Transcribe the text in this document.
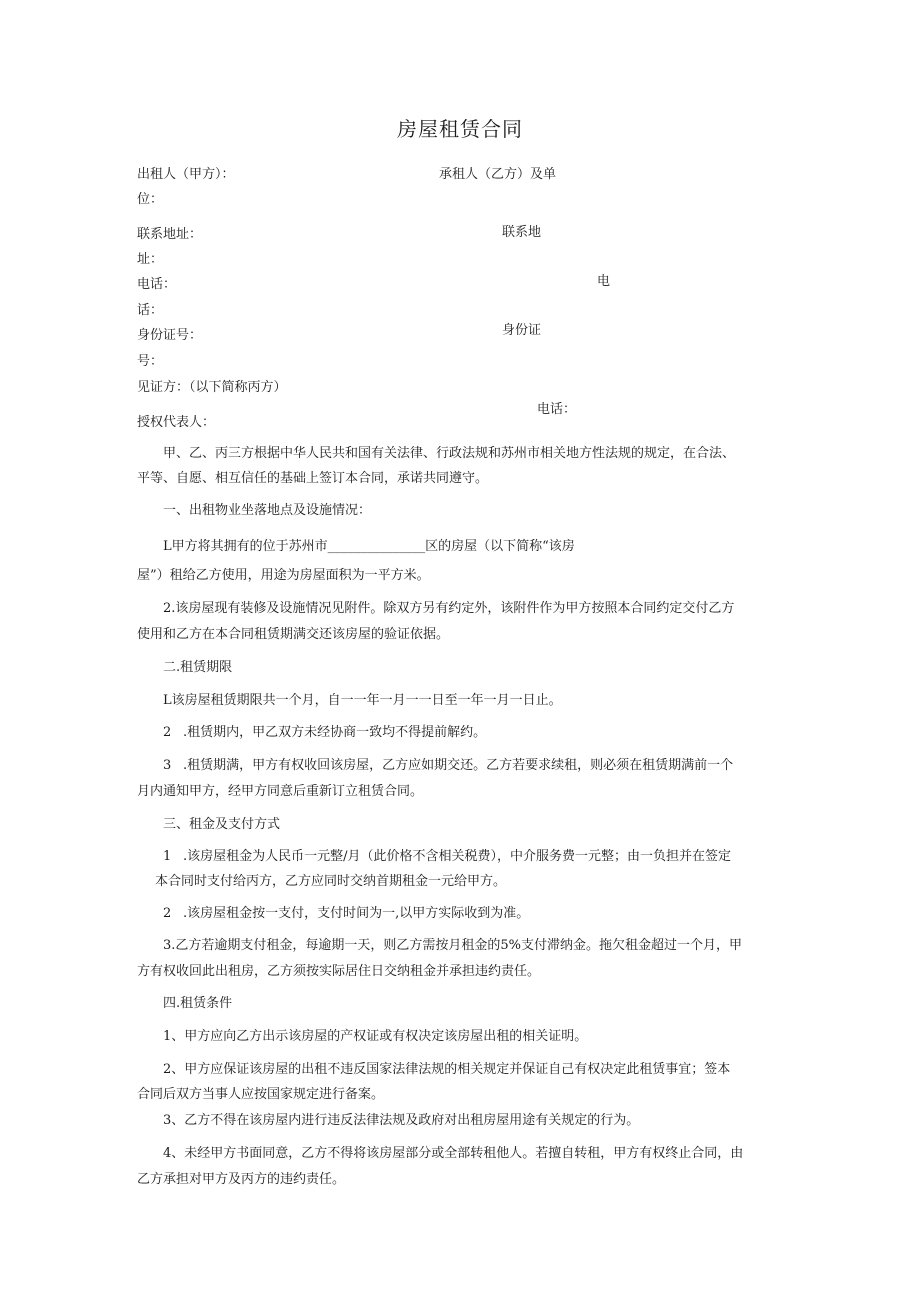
房屋租赁合同
出租人（甲方）：	承租人（乙方）及单
位：
联系地址：	联系地
址：
电话：	电
话：
身份证号：	身份证
号：
见证方：（以下简称丙方）
电话：
授权代表人：
甲、乙、丙三方根据中华人民共和国有关法律、行政法规和苏州市相关地方性法规的规定，在合法、
平等、自愿、相互信任的基础上签订本合同，承诺共同遵守。
一、出租物业坐落地点及设施情况：
L甲方将其拥有的位于苏州市_______________区的房屋（以下简称“该房
屋”）租给乙方使用，用途为房屋面积为一平方米。
2.该房屋现有装修及设施情况见附件。除双方另有约定外，该附件作为甲方按照本合同约定交付乙方
使用和乙方在本合同租赁期满交还该房屋的验证依据。
二.租赁期限
L该房屋租赁期限共一个月，自一一年一月一一日至一年一月一日止。
2 .租赁期内，甲乙双方未经协商一致均不得提前解约。
3 .租赁期满，甲方有权收回该房屋，乙方应如期交还。乙方若要求续租，则必须在租赁期满前一个
月内通知甲方，经甲方同意后重新订立租赁合同。
三、租金及支付方式
1 .该房屋租金为人民币一元整/月（此价格不含相关税费），中介服务费一元整；由一负担并在签定
本合同时支付给丙方，乙方应同时交纳首期租金一元给甲方。
2 .该房屋租金按一支付，支付时间为一,以甲方实际收到为准。
3.乙方若逾期支付租金，每逾期一天，则乙方需按月租金的5%支付滞纳金。拖欠租金超过一个月，甲
方有权收回此出租房，乙方须按实际居住日交纳租金并承担违约责任。
四.租赁条件
1、甲方应向乙方出示该房屋的产权证或有权决定该房屋出租的相关证明。
2、甲方应保证该房屋的出租不违反国家法律法规的相关规定并保证自己有权决定此租赁事宜；签本
合同后双方当事人应按国家规定进行备案。
3、乙方不得在该房屋内进行违反法律法规及政府对出租房屋用途有关规定的行为。
4、未经甲方书面同意，乙方不得将该房屋部分或全部转租他人。若擅自转租，甲方有权终止合同，由
乙方承担对甲方及丙方的违约责任。
